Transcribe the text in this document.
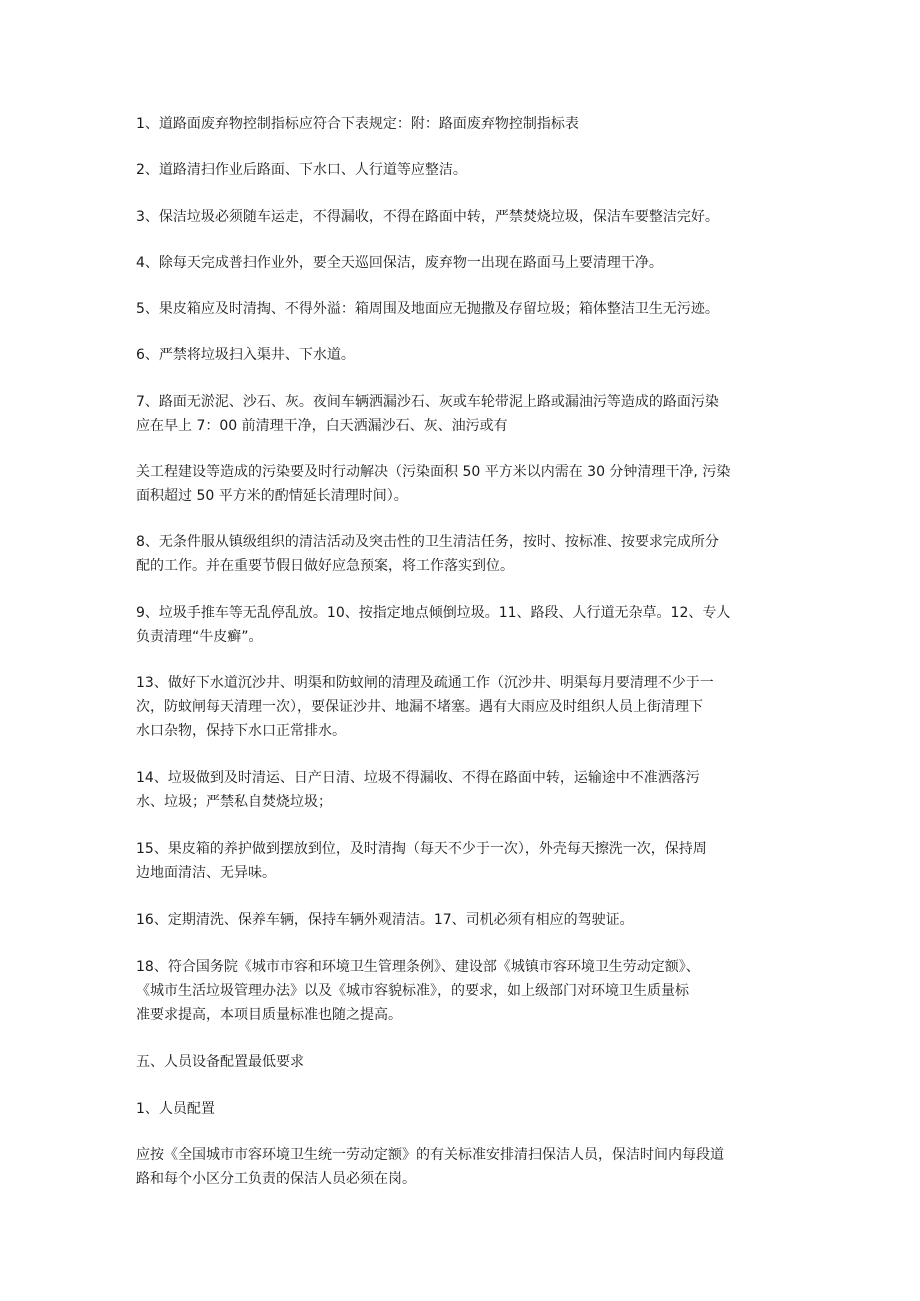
1、道路面废弃物控制指标应符合下表规定：附：路面废弃物控制指标表

2、道路清扫作业后路面、下水口、人行道等应整洁。

3、保洁垃圾必须随车运走，不得漏收，不得在路面中转，严禁焚烧垃圾，保洁车要整洁完好。

4、除每天完成普扫作业外，要全天巡回保洁，废弃物一出现在路面马上要清理干净。

5、果皮箱应及时清掏、不得外溢：箱周围及地面应无抛撒及存留垃圾；箱体整洁卫生无污迹。

6、严禁将垃圾扫入渠井、下水道。

7、路面无淤泥、沙石、灰。夜间车辆洒漏沙石、灰或车轮带泥上路或漏油污等造成的路面污染
应在早上 7：00 前清理干净，白天洒漏沙石、灰、油污或有

关工程建设等造成的污染要及时行动解决（污染面积 50 平方米以内需在 30 分钟清理干净, 污染
面积超过 50 平方米的酌情延长清理时间）。

8、无条件服从镇级组织的清洁活动及突击性的卫生清洁任务，按时、按标准、按要求完成所分
配的工作。并在重要节假日做好应急预案，将工作落实到位。

9、垃圾手推车等无乱停乱放。10、按指定地点倾倒垃圾。11、路段、人行道无杂草。12、专人
负责清理“牛皮癣”。

13、做好下水道沉沙井、明渠和防蚊闸的清理及疏通工作（沉沙井、明渠每月要清理不少于一
次，防蚊闸每天清理一次），要保证沙井、地漏不堵塞。遇有大雨应及时组织人员上街清理下
水口杂物，保持下水口正常排水。

14、垃圾做到及时清运、日产日清、垃圾不得漏收、不得在路面中转，运输途中不准洒落污
水、垃圾；严禁私自焚烧垃圾；

15、果皮箱的养护做到摆放到位，及时清掏（每天不少于一次），外壳每天擦洗一次，保持周
边地面清洁、无异味。

16、定期清洗、保养车辆，保持车辆外观清洁。17、司机必须有相应的驾驶证。

18、符合国务院《城市市容和环境卫生管理条例》、建设部《城镇市容环境卫生劳动定额》、
《城市生活垃圾管理办法》以及《城市容貌标准》，的要求，如上级部门对环境卫生质量标
准要求提高，本项目质量标准也随之提高。

五、人员设备配置最低要求

1、人员配置

应按《全国城市市容环境卫生统一劳动定额》的有关标准安排清扫保洁人员，保洁时间内每段道
路和每个小区分工负责的保洁人员必须在岗。
